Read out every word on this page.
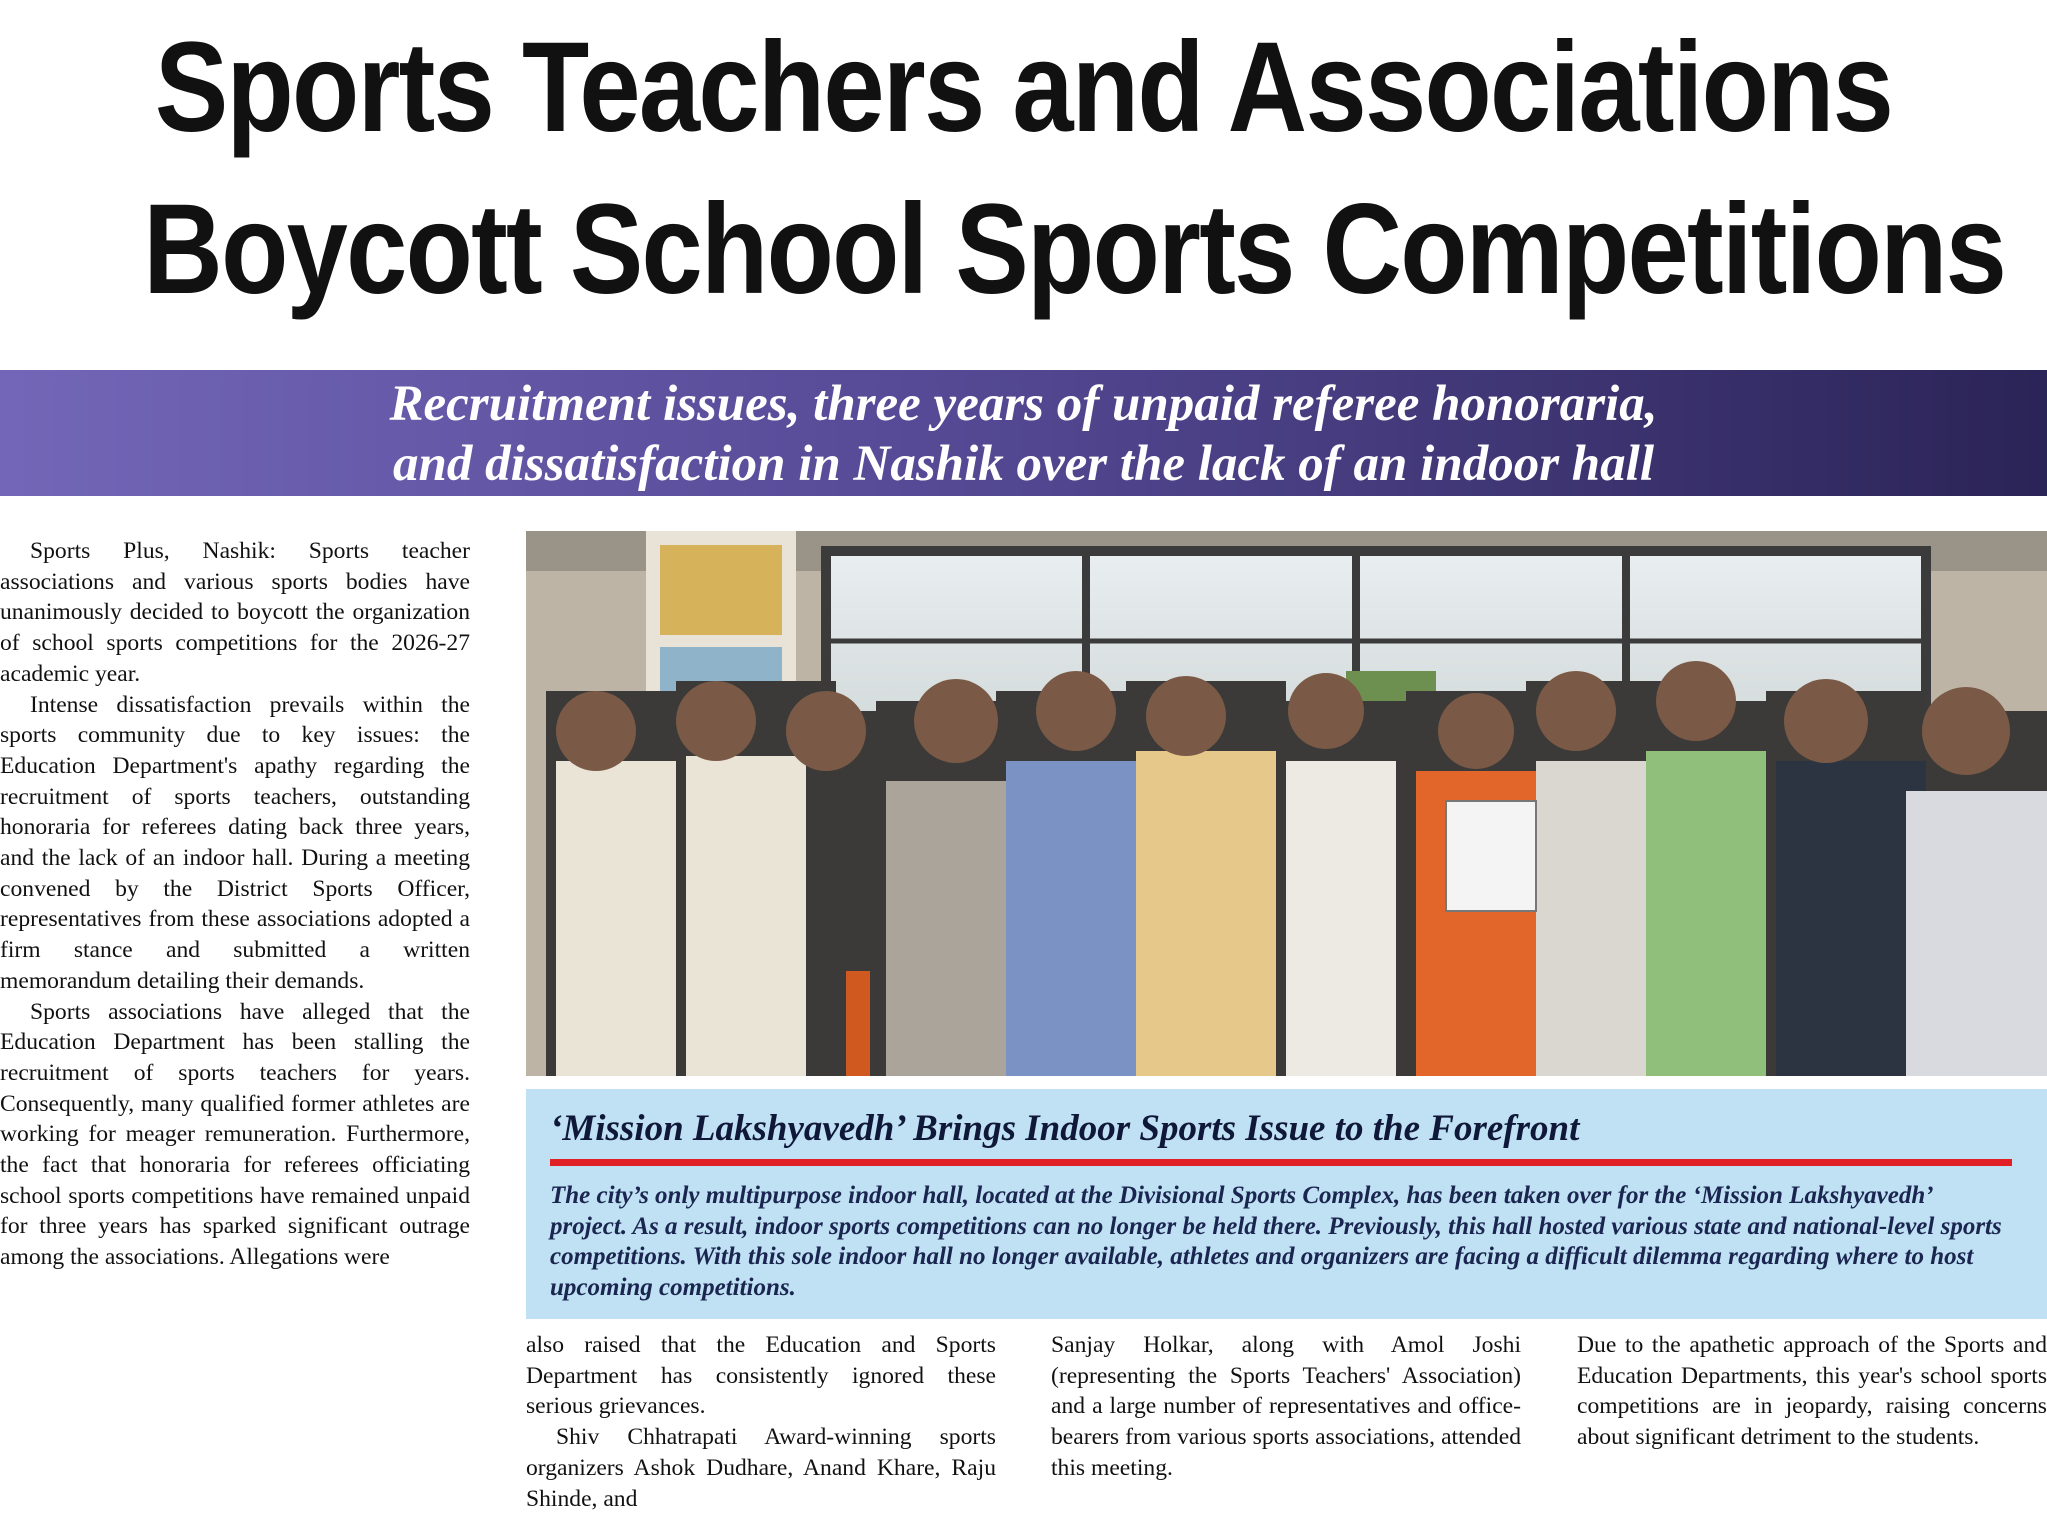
Sports Teachers and Associations
Boycott School Sports Competitions
Recruitment issues, three years of unpaid referee honoraria,
and dissatisfaction in Nashik over the lack of an indoor hall

Sports Plus, Nashik: Sports teacher associations and various sports bodies have unanimously decided to boycott the organization of school sports competitions for the 2026-27 academic year.

Intense dissatisfaction prevails within the sports community due to key issues: the Education Department's apathy regarding the recruitment of sports teachers, outstanding honoraria for referees dating back three years, and the lack of an indoor hall. During a meeting convened by the District Sports Officer, representatives from these associations adopted a firm stance and submitted a written memorandum detailing their demands.

Sports associations have alleged that the Education Department has been stalling the recruitment of sports teachers for years. Consequently, many qualified former athletes are working for meager remuneration. Furthermore, the fact that honoraria for referees officiating school sports competitions have remained unpaid for three years has sparked significant outrage among the associations. Allegations were

‘Mission Lakshyavedh’ Brings Indoor Sports Issue to the Forefront
The city’s only multipurpose indoor hall, located at the Divisional Sports Complex, has been taken over for the ‘Mission Lakshyavedh’ project. As a result, indoor sports competitions can no longer be held there. Previously, this hall hosted various state and national-level sports competitions. With this sole indoor hall no longer available, athletes and organizers are facing a difficult dilemma regarding where to host upcoming competitions.

also raised that the Education and Sports Department has consistently ignored these serious grievances.

Shiv Chhatrapati Award-winning sports organizers Ashok Dudhare, Anand Khare, Raju Shinde, and

Sanjay Holkar, along with Amol Joshi (representing the Sports Teachers' Association) and a large number of representatives and office-bearers from various sports associations, attended this meeting.

Due to the apathetic approach of the Sports and Education Departments, this year's school sports competitions are in jeopardy, raising concerns about significant detriment to the students.
